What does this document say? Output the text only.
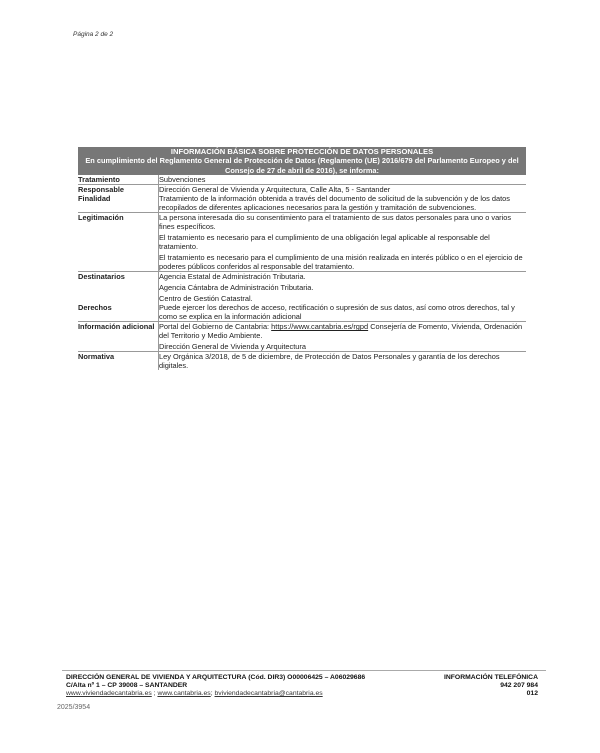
Página 2 de 2
INFORMACIÓN BÁSICA SOBRE PROTECCIÓN DE DATOS PERSONALES
En cumplimiento del Reglamento General de Protección de Datos (Reglamento (UE) 2016/679 del Parlamento Europeo y del Consejo de 27 de abril de 2016), se informa:	

Tratamiento	Subvenciones
Responsable	Dirección General de Vivienda y Arquitectura, Calle Alta, 5 - Santander
Finalidad	Tratamiento de la información obtenida a través del documento de solicitud de la subvención y de los datos recopilados de diferentes aplicaciones necesarios para la gestión y tramitación de subvenciones.
Legitimación	La persona interesada dio su consentimiento para el tratamiento de sus datos personales para uno o varios fines específicos.

El tratamiento es necesario para el cumplimiento de una obligación legal aplicable al responsable del tratamiento.

El tratamiento es necesario para el cumplimiento de una misión realizada en interés público o en el ejercicio de poderes públicos conferidos al responsable del tratamiento.

Destinatarios	Agencia Estatal de Administración Tributaria.

Agencia Cántabra de Administración Tributaria.

Centro de Gestión Catastral.

Derechos	Puede ejercer los derechos de acceso, rectificación o supresión de sus datos, así como otros derechos, tal y como se explica en la información adicional
Información adicional	Portal del Gobierno de Cantabria: https://www.cantabria.es/rgpd Consejería de Fomento, Vivienda, Ordenación del Territorio y Medio Ambiente.

Dirección General de Vivienda y Arquitectura

Normativa	Ley Orgánica 3/2018, de 5 de diciembre, de Protección de Datos Personales y garantía de los derechos digitales.
DIRECCIÓN GENERAL DE VIVIENDA Y ARQUITECTURA (Cód. DIR3) O00006425 – A06029686
C/Alta nº 1 – CP 39008 – SANTANDER
www.viviendadecantabria.es ; www.cantabria.es; bviviendadecantabria@cantabria.es
INFORMACIÓN TELEFÓNICA
942 207 984
012
2025/3954
